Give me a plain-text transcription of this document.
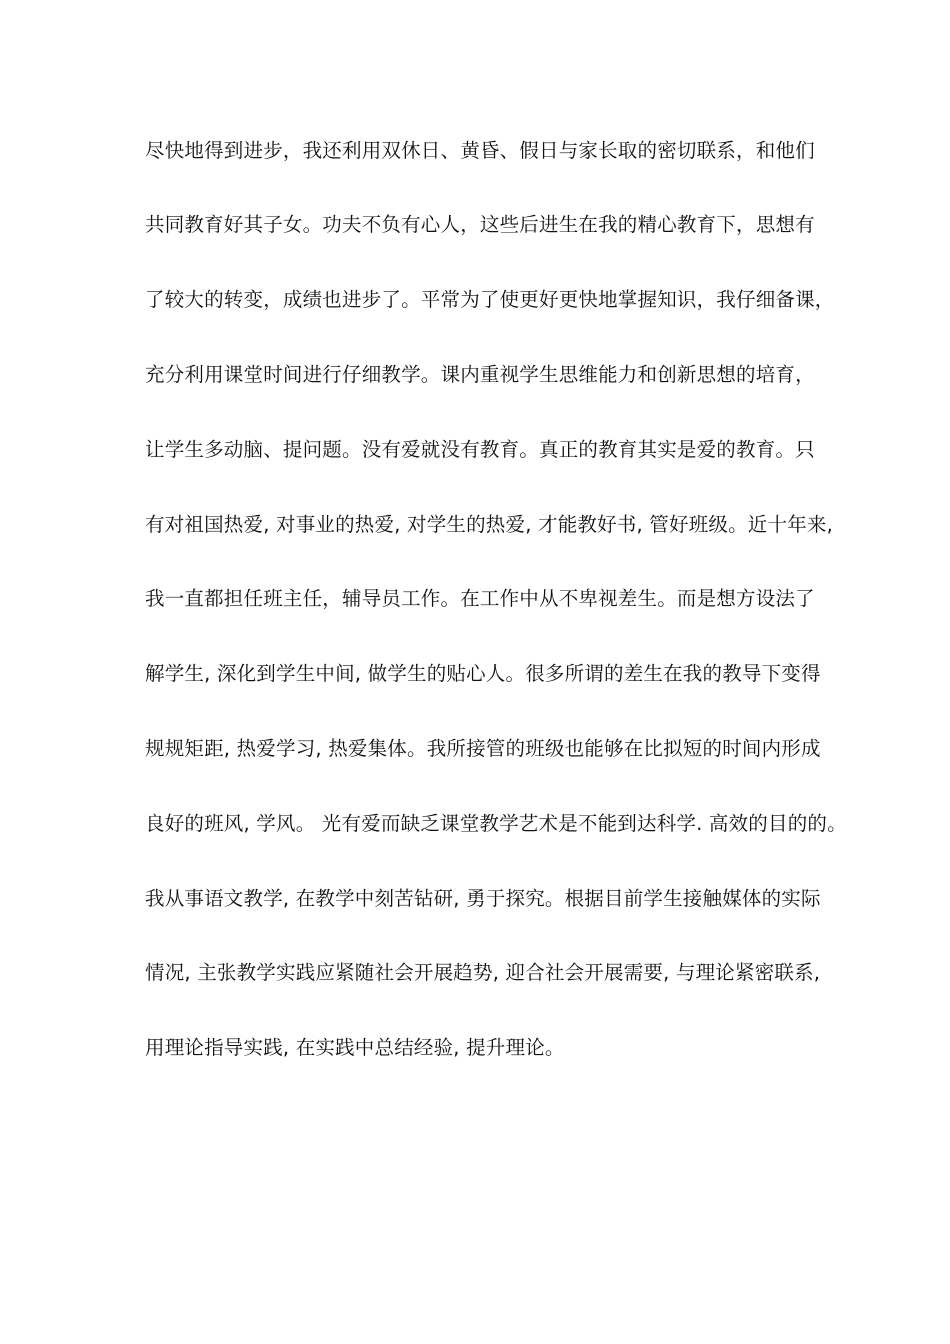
尽快地得到进步，我还利用双休日、黄昏、假日与家长取的密切联系，和他们
共同教育好其子女。功夫不负有心人，这些后进生在我的精心教育下，思想有
了较大的转变，成绩也进步了。平常为了使更好更快地掌握知识，我仔细备课，
充分利用课堂时间进行仔细教学。课内重视学生思维能力和创新思想的培育，
让学生多动脑、提问题。没有爱就没有教育。真正的教育其实是爱的教育。只
有对祖国热爱, 对事业的热爱, 对学生的热爱, 才能教好书, 管好班级。近十年来,
我一直都担任班主任，辅导员工作。在工作中从不卑视差生。而是想方设法了
解学生, 深化到学生中间, 做学生的贴心人。很多所谓的差生在我的教导下变得
规规矩距, 热爱学习, 热爱集体。我所接管的班级也能够在比拟短的时间内形成
良好的班风, 学风。 光有爱而缺乏课堂教学艺术是不能到达科学. 高效的目的的。
我从事语文教学, 在教学中刻苦钻研, 勇于探究。根据目前学生接触媒体的实际
情况, 主张教学实践应紧随社会开展趋势, 迎合社会开展需要, 与理论紧密联系,
用理论指导实践, 在实践中总结经验, 提升理论。
